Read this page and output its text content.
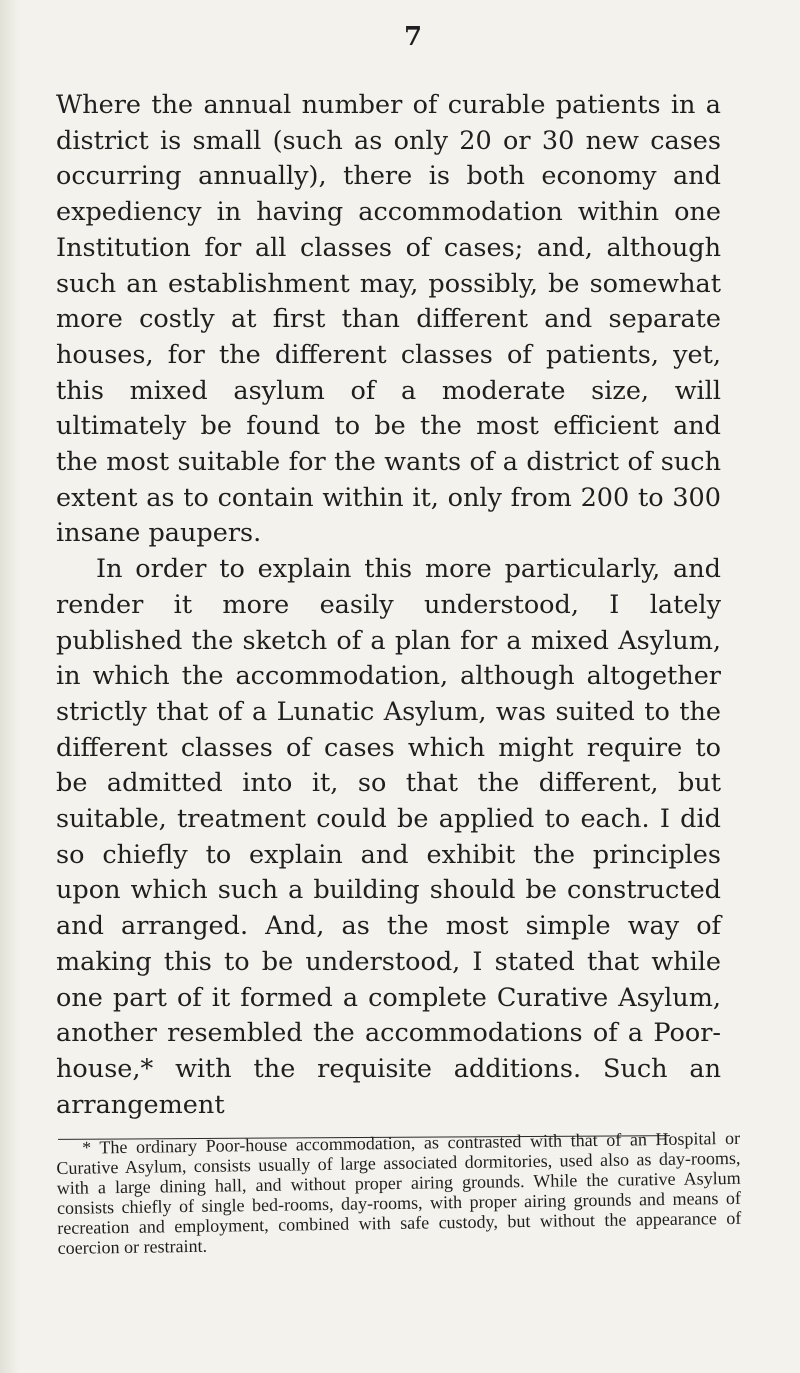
7

Where the annual number of curable patients in a district is small (such as only 20 or 30 new cases occurring annually), there is both economy and expediency in having accommodation within one Institution for all classes of cases; and, although such an establishment may, possibly, be somewhat more costly at first than different and separate houses, for the different classes of patients, yet, this mixed asylum of a moderate size, will ultimately be found to be the most efficient and the most suitable for the wants of a district of such extent as to contain within it, only from 200 to 300 insane paupers.

In order to explain this more particularly, and render it more easily understood, I lately published the sketch of a plan for a mixed Asylum, in which the accommodation, although altogether strictly that of a Lunatic Asylum, was suited to the different classes of cases which might require to be admitted into it, so that the different, but suitable, treatment could be applied to each. I did so chiefly to explain and exhibit the principles upon which such a building should be constructed and arranged. And, as the most simple way of making this to be understood, I stated that while one part of it formed a complete Curative Asylum, another resembled the accommodations of a Poor-house,* with the requisite additions. Such an arrangement

* The ordinary Poor-house accommodation, as contrasted with that of an Hospital or Curative Asylum, consists usually of large associated dormitories, used also as day-rooms, with a large dining hall, and without proper airing grounds. While the curative Asylum consists chiefly of single bed-rooms, day-rooms, with proper airing grounds and means of recreation and employment, combined with safe custody, but without the appearance of coercion or restraint.
